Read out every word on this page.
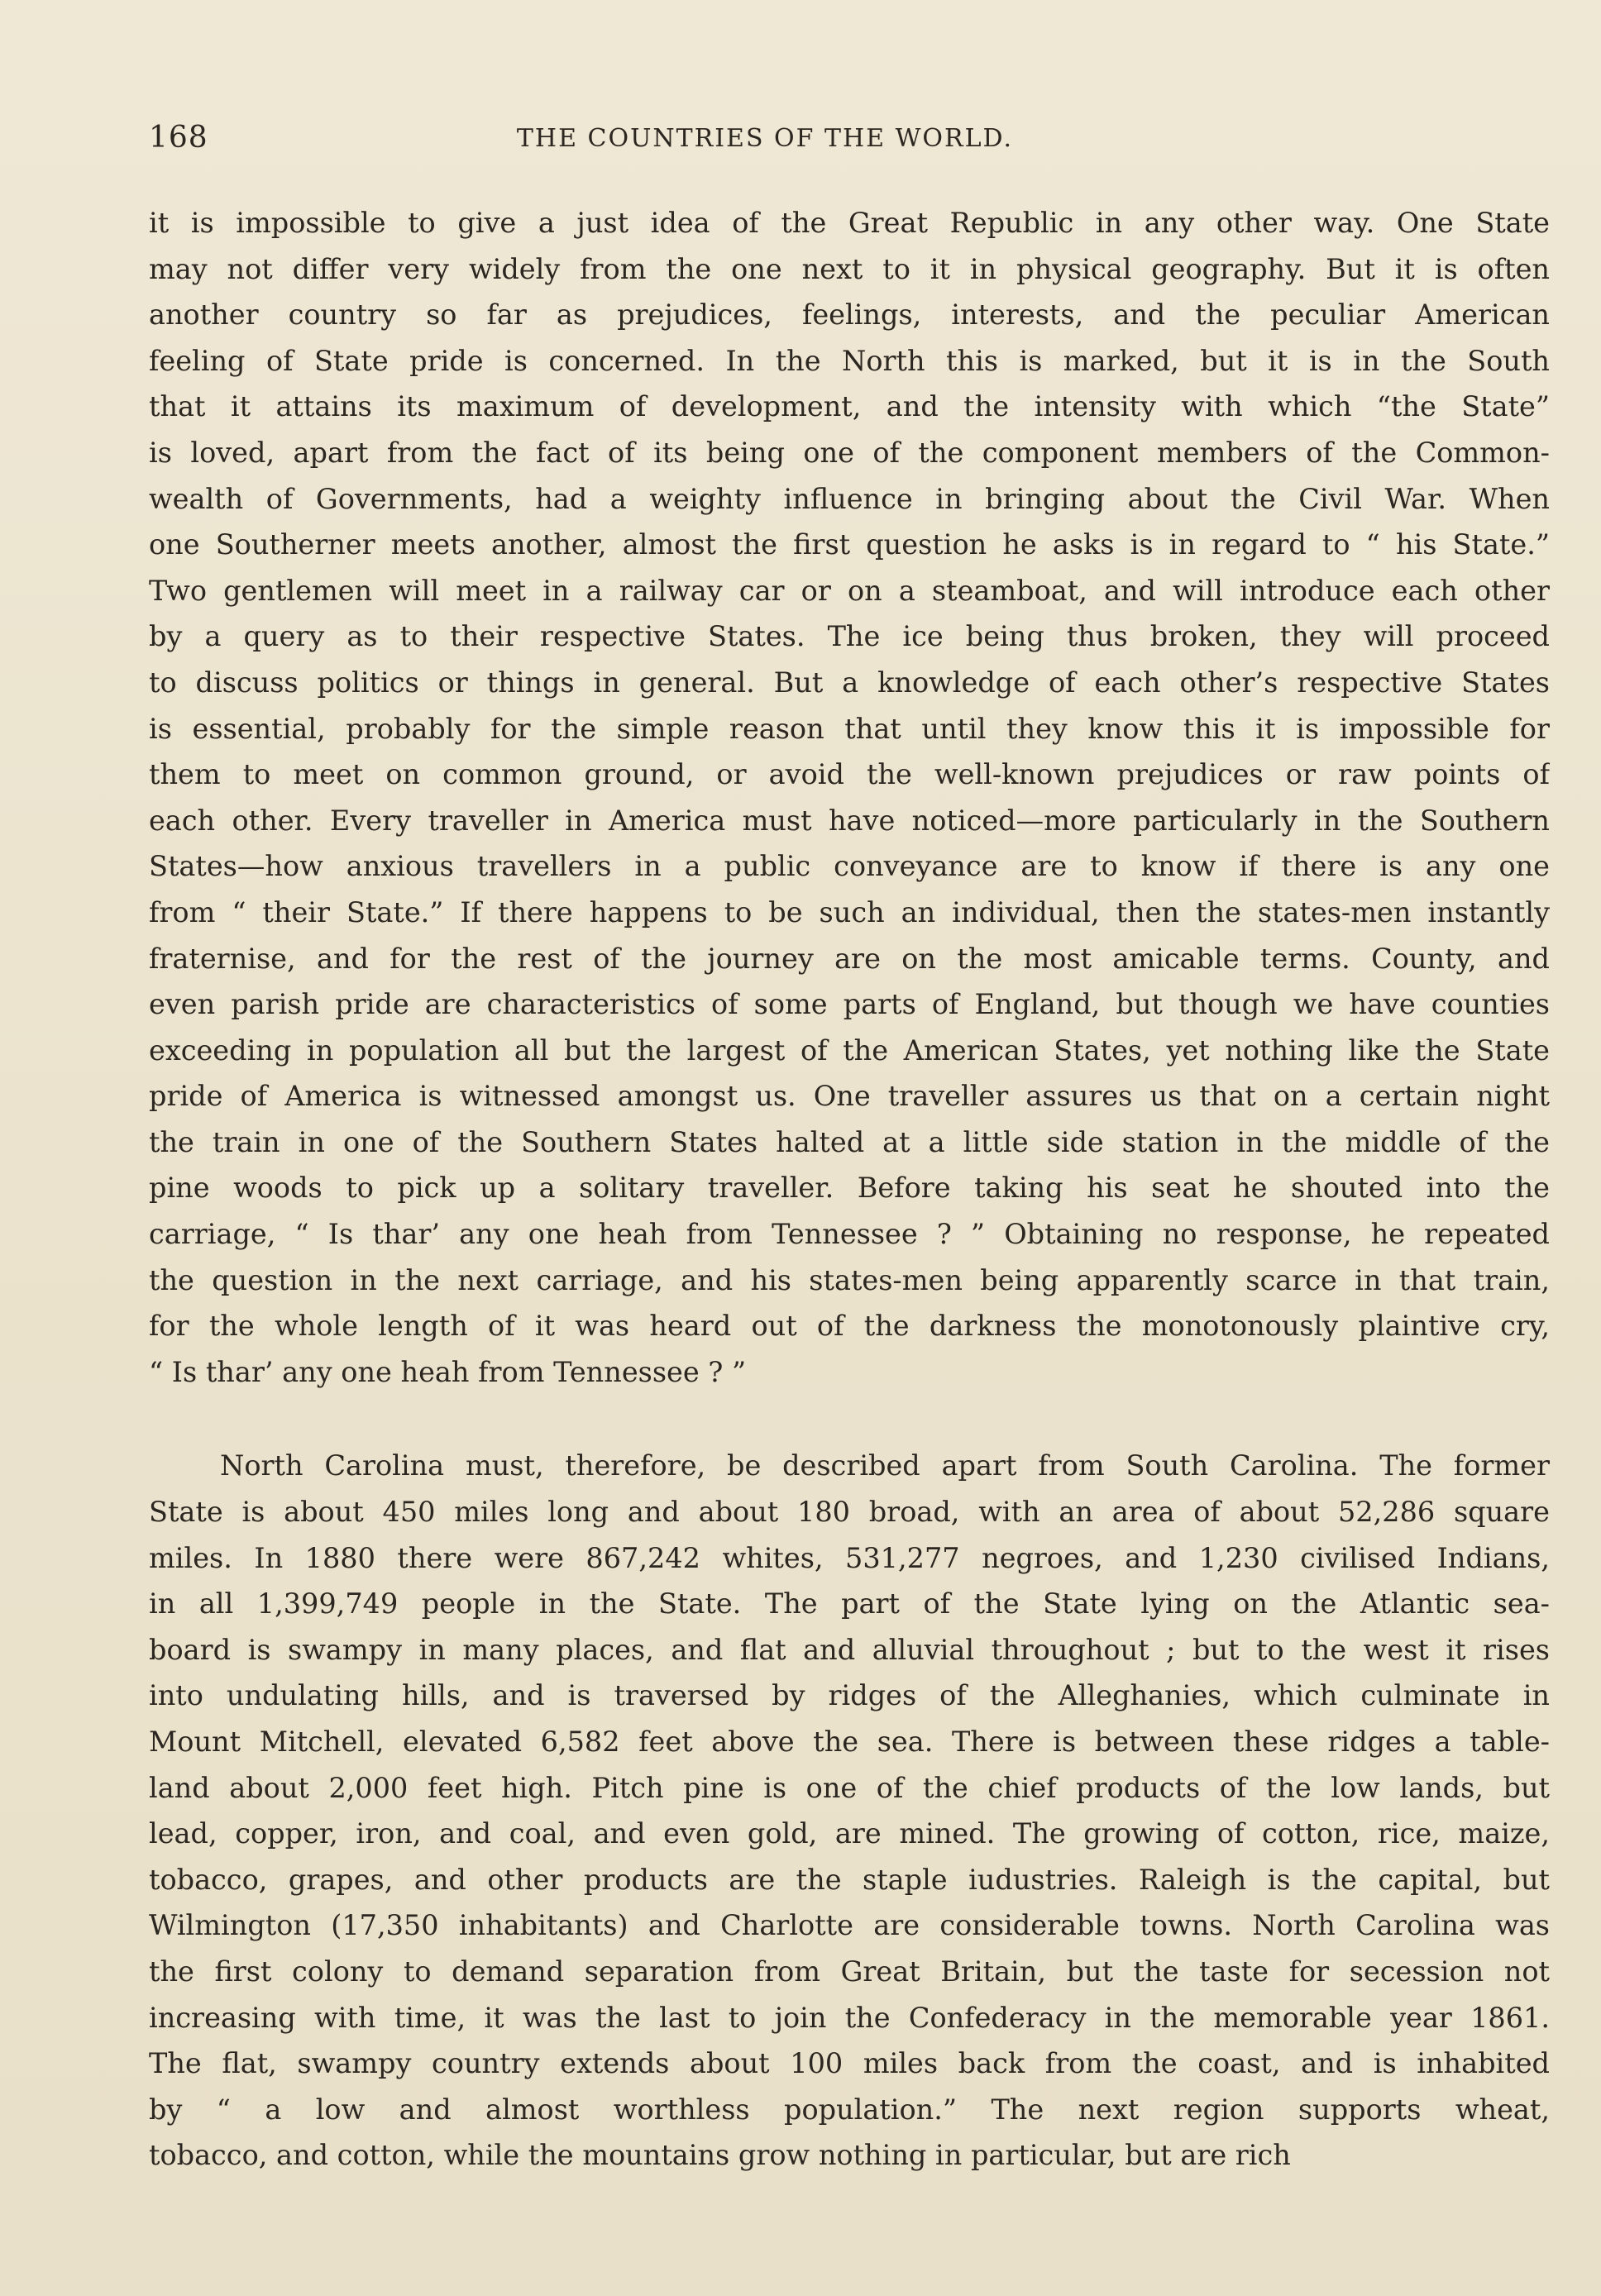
168	THE COUNTRIES OF THE WORLD.
it is impossible to give a just idea of the Great Republic in any other way. One State
may not differ very widely from the one next to it in physical geography. But it is often
another country so far as prejudices, feelings, interests, and the peculiar American
feeling of State pride is concerned. In the North this is marked, but it is in the South
that it attains its maximum of development, and the intensity with which “the State”
is loved, apart from the fact of its being one of the component members of the Common-
wealth of Governments, had a weighty influence in bringing about the Civil War. When
one Southerner meets another, almost the first question he asks is in regard to “ his State.”
Two gentlemen will meet in a railway car or on a steamboat, and will introduce each other
by a query as to their respective States. The ice being thus broken, they will proceed
to discuss politics or things in general. But a knowledge of each other’s respective States
is essential, probably for the simple reason that until they know this it is impossible for
them to meet on common ground, or avoid the well-known prejudices or raw points of
each other. Every traveller in America must have noticed—more particularly in the Southern
States—how anxious travellers in a public conveyance are to know if there is any one
from “ their State.” If there happens to be such an individual, then the states-men instantly
fraternise, and for the rest of the journey are on the most amicable terms. County, and
even parish pride are characteristics of some parts of England, but though we have counties
exceeding in population all but the largest of the American States, yet nothing like the State
pride of America is witnessed amongst us. One traveller assures us that on a certain night
the train in one of the Southern States halted at a little side station in the middle of the
pine woods to pick up a solitary traveller. Before taking his seat he shouted into the
carriage, “ Is thar’ any one heah from Tennessee ? ” Obtaining no response, he repeated
the question in the next carriage, and his states-men being apparently scarce in that train,
for the whole length of it was heard out of the darkness the monotonously plaintive cry,
“ Is thar’ any one heah from Tennessee ? ”
North Carolina must, therefore, be described apart from South Carolina. The former
State is about 450 miles long and about 180 broad, with an area of about 52,286 square
miles. In 1880 there were 867,242 whites, 531,277 negroes, and 1,230 civilised Indians,
in all 1,399,749 people in the State. The part of the State lying on the Atlantic sea-
board is swampy in many places, and flat and alluvial throughout ; but to the west it rises
into undulating hills, and is traversed by ridges of the Alleghanies, which culminate in
Mount Mitchell, elevated 6,582 feet above the sea. There is between these ridges a table-
land about 2,000 feet high. Pitch pine is one of the chief products of the low lands, but
lead, copper, iron, and coal, and even gold, are mined. The growing of cotton, rice, maize,
tobacco, grapes, and other products are the staple iudustries. Raleigh is the capital, but
Wilmington (17,350 inhabitants) and Charlotte are considerable towns. North Carolina was
the first colony to demand separation from Great Britain, but the taste for secession not
increasing with time, it was the last to join the Confederacy in the memorable year 1861.
The flat, swampy country extends about 100 miles back from the coast, and is inhabited
by “ a low and almost worthless population.” The next region supports wheat,
tobacco, and cotton, while the mountains grow nothing in particular, but are rich
